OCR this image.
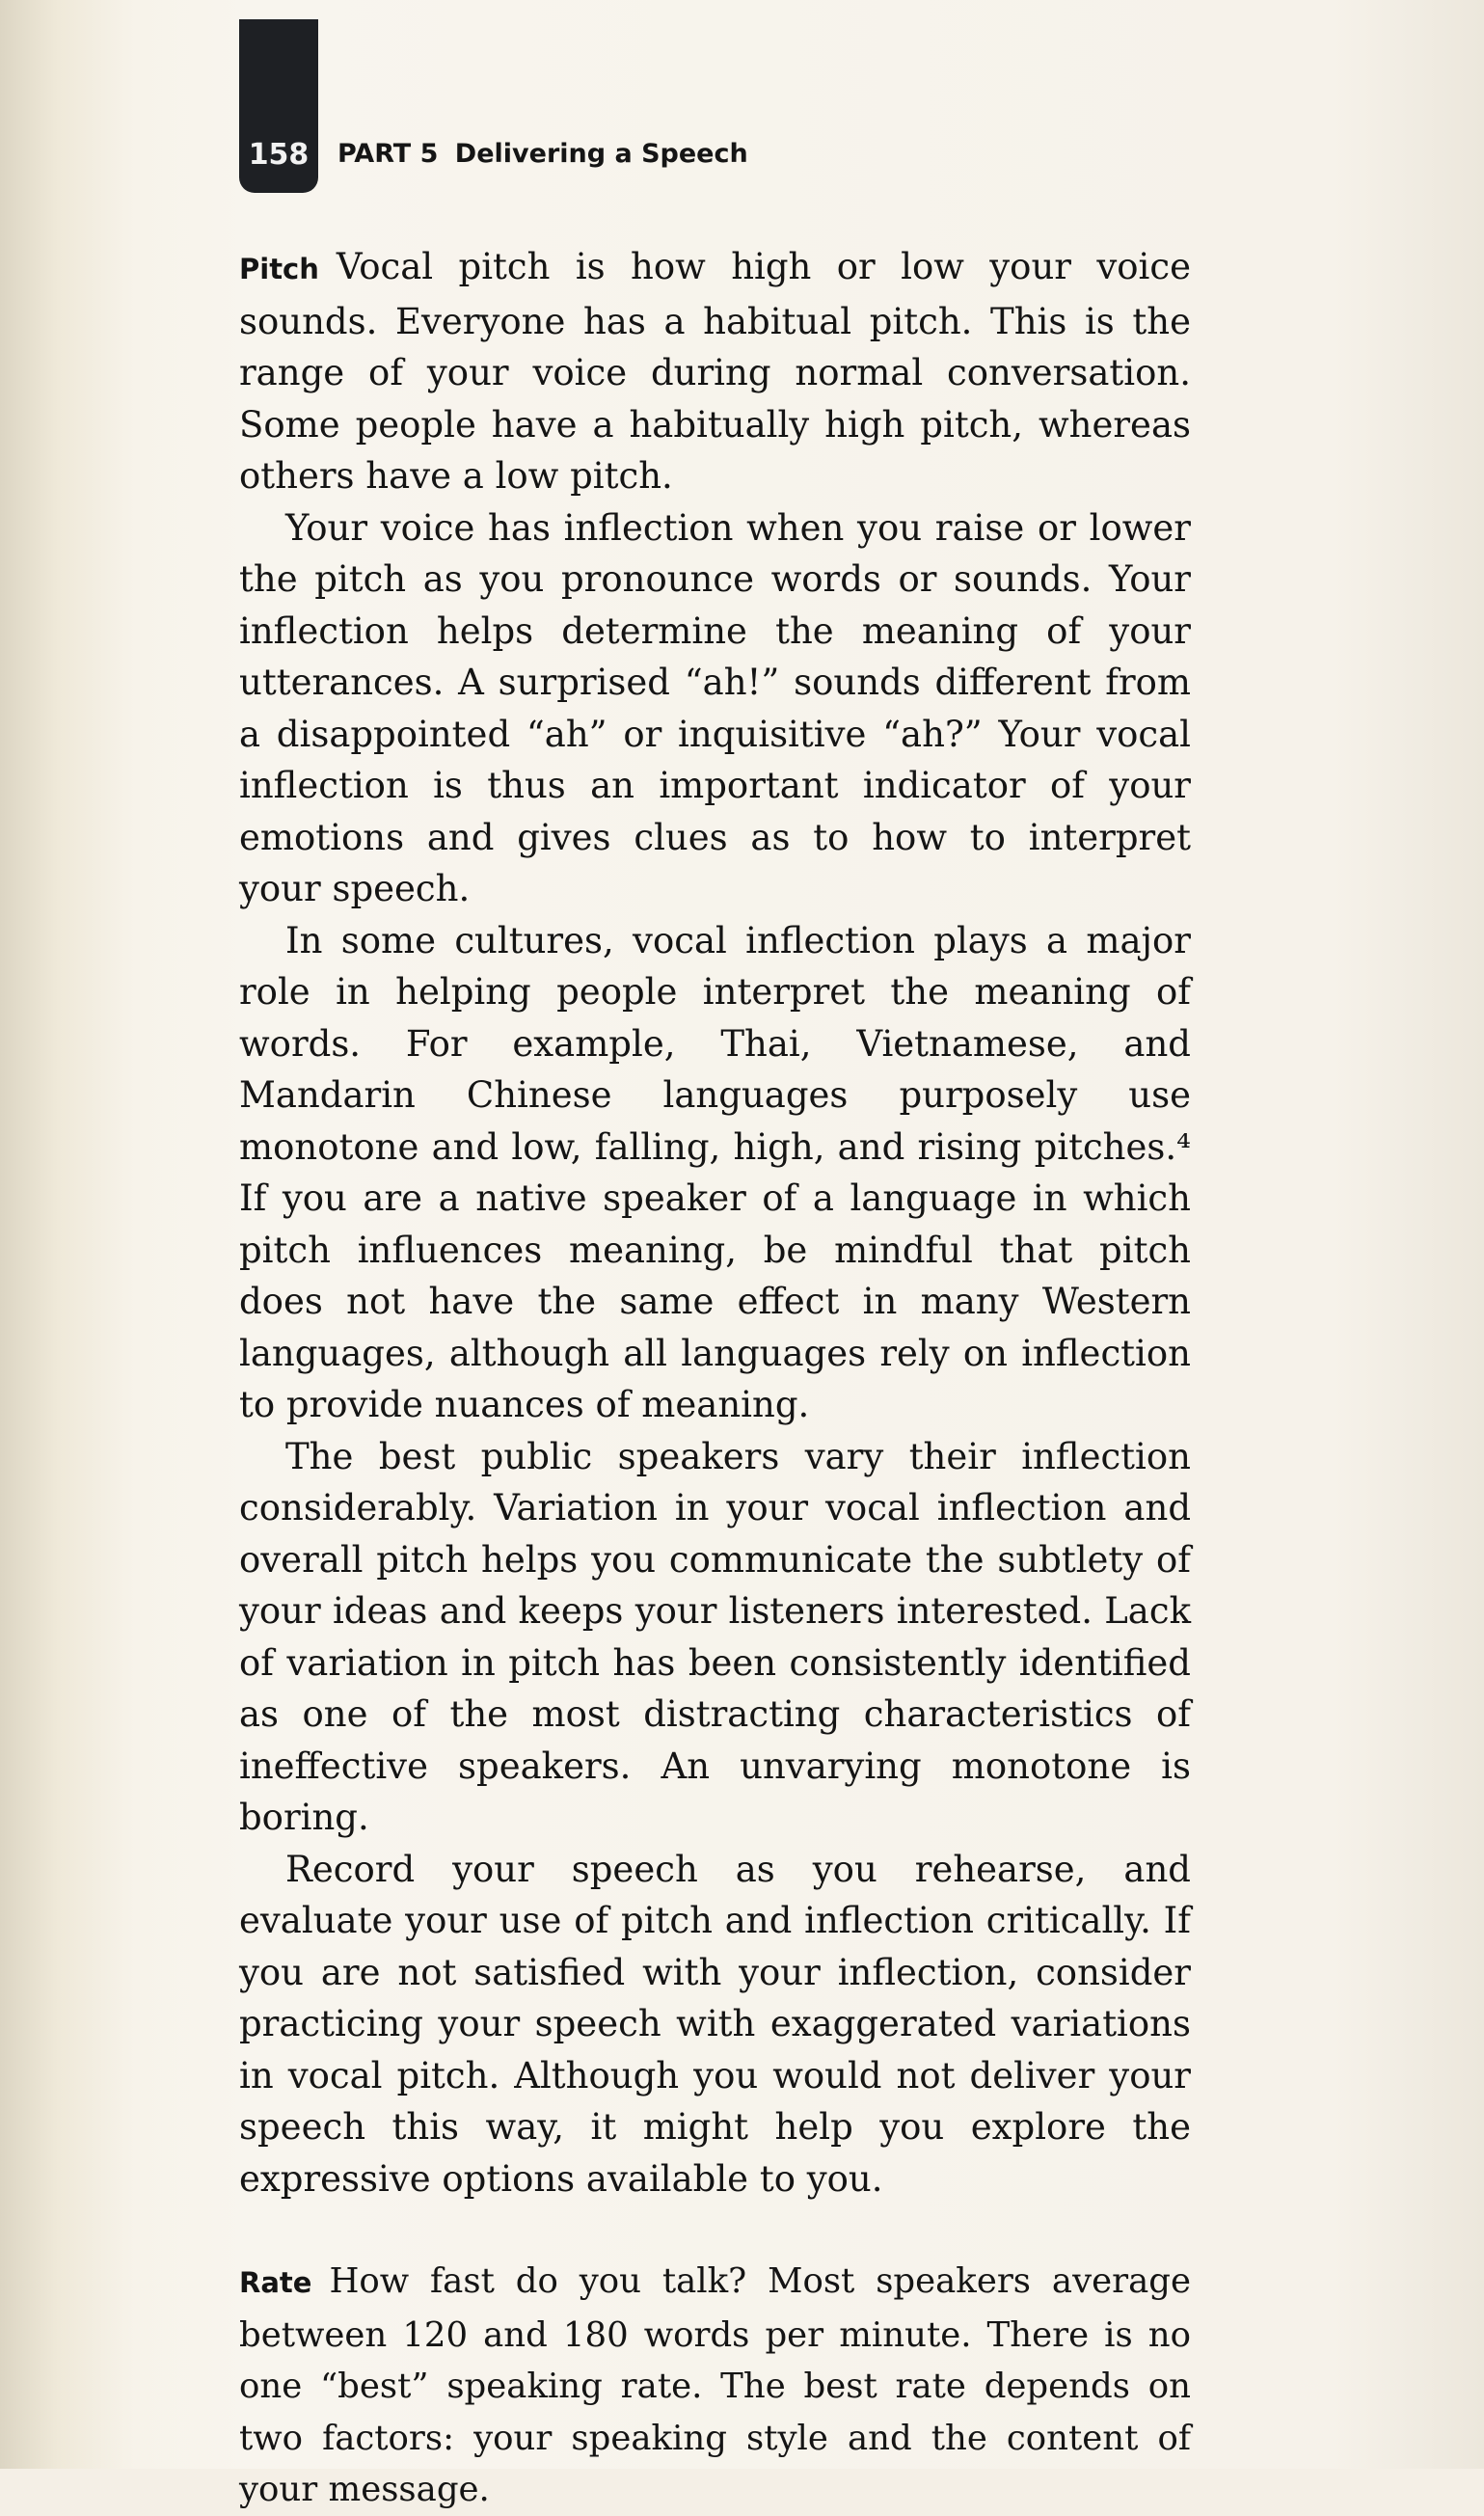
158 PART 5 Delivering a Speech

Pitch Vocal pitch is how high or low your voice sounds. Everyone has a habitual pitch. This is the range of your voice during normal conversation. Some people have a habitually high pitch, whereas others have a low pitch.

Your voice has inflection when you raise or lower the pitch as you pronounce words or sounds. Your inflection helps determine the meaning of your utterances. A surprised “ah!” sounds different from a disappointed “ah” or inquisitive “ah?” Your vocal inflection is thus an important indicator of your emotions and gives clues as to how to interpret your speech.

In some cultures, vocal inflection plays a major role in helping people interpret the meaning of words. For example, Thai, Vietnamese, and Mandarin Chinese languages purposely use monotone and low, falling, high, and rising pitches.⁴ If you are a native speaker of a language in which pitch influences meaning, be mindful that pitch does not have the same effect in many Western languages, although all languages rely on inflection to provide nuances of meaning.

The best public speakers vary their inflection considerably. Variation in your vocal inflection and overall pitch helps you communicate the subtlety of your ideas and keeps your listeners interested. Lack of variation in pitch has been consistently identified as one of the most distracting characteristics of ineffective speakers. An unvarying monotone is boring.

Record your speech as you rehearse, and evaluate your use of pitch and inflection critically. If you are not satisfied with your inflection, consider practicing your speech with exaggerated variations in vocal pitch. Although you would not deliver your speech this way, it might help you explore the expressive options available to you.

Rate How fast do you talk? Most speakers average between 120 and 180 words per minute. There is no one “best” speaking rate. The best rate depends on two factors: your speaking style and the content of your message.
